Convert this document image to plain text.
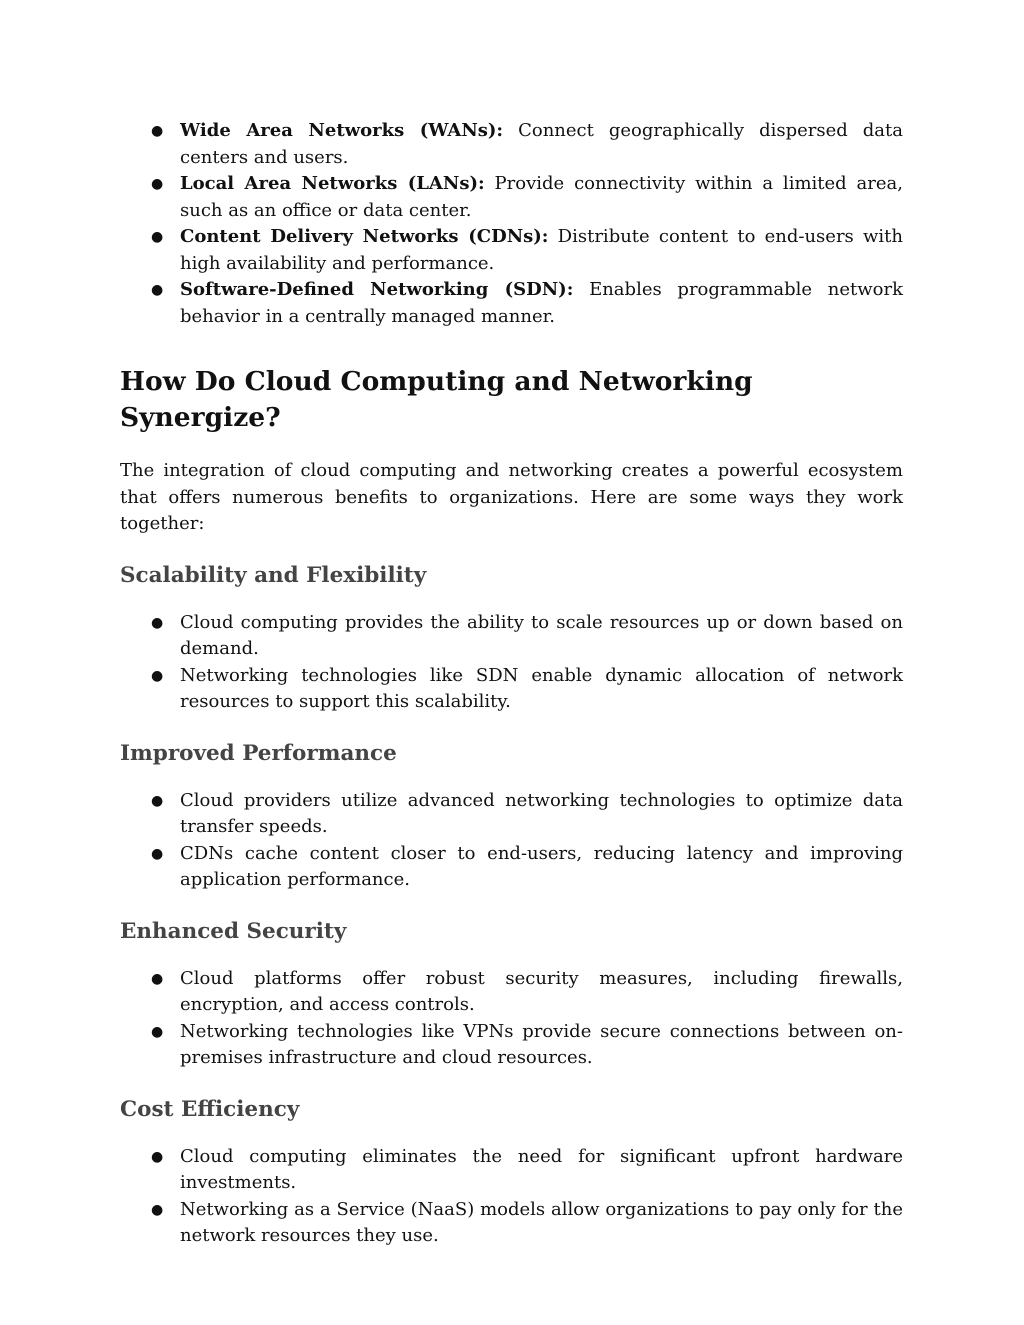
● Wide Area Networks (WANs): Connect geographically dispersed data centers and users.
● Local Area Networks (LANs): Provide connectivity within a limited area, such as an office or data center.
● Content Delivery Networks (CDNs): Distribute content to end-users with high availability and performance.
● Software-Defined Networking (SDN): Enables programmable network behavior in a centrally managed manner.
How Do Cloud Computing and Networking Synergize?

The integration of cloud computing and networking creates a powerful ecosystem that offers numerous benefits to organizations. Here are some ways they work together:

Scalability and Flexibility
● Cloud computing provides the ability to scale resources up or down based on demand.
● Networking technologies like SDN enable dynamic allocation of network resources to support this scalability.
Improved Performance
● Cloud providers utilize advanced networking technologies to optimize data transfer speeds.
● CDNs cache content closer to end-users, reducing latency and improving application performance.
Enhanced Security
● Cloud platforms offer robust security measures, including firewalls, encryption, and access controls.
● Networking technologies like VPNs provide secure connections between on-premises infrastructure and cloud resources.
Cost Efficiency
● Cloud computing eliminates the need for significant upfront hardware investments.
● Networking as a Service (NaaS) models allow organizations to pay only for the network resources they use.
